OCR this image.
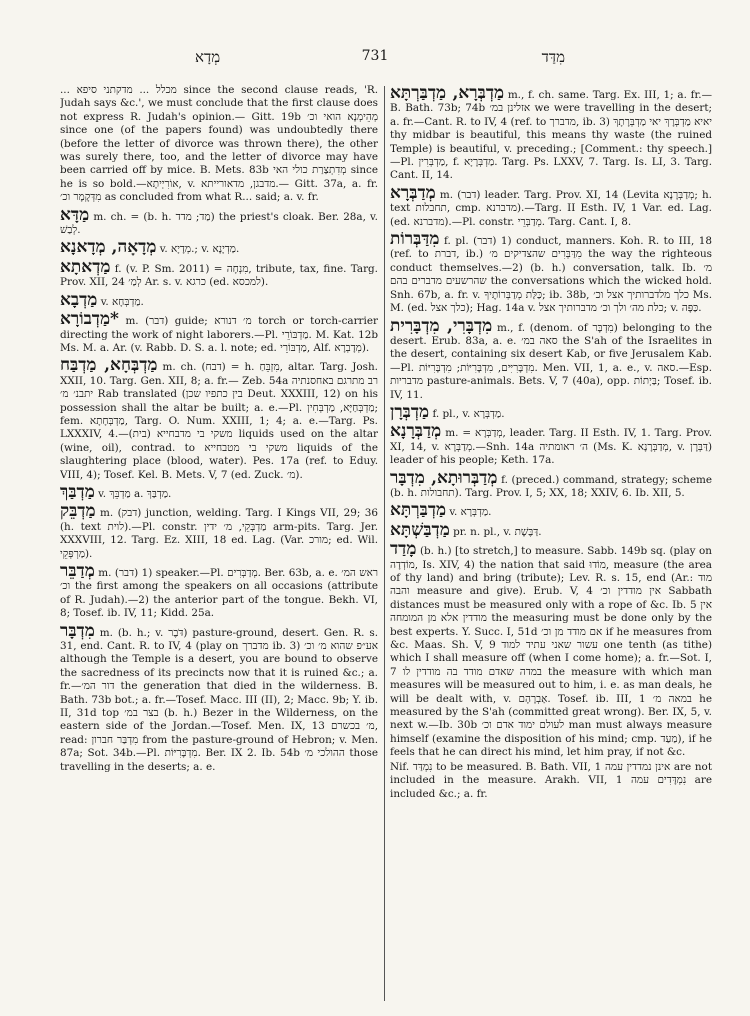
מְדָא	731	מִדַּד

... מכלל ... מדקתני סיפא since the second clause reads, 'R. Judah says &c.', we must conclude that the first clause does not express R. Judah's opinion.— Gitt. 19b מְהֵימְנָא הואי וכ׳ since one (of the papers found) was undoubtedly there (before the letter of divorce was thrown there), the other was surely there, too, and the letter of divorce may have been carried off by mice. B. Mets. 83b מְדִתְצַרַת כולי האי since he is so bold.—אוֹרִיְיתָא, v. מדבגן, מדאורייתא.— Gitt. 37a, a. fr. מִדְּקָמָר וכ׳ as concluded from what R... said; a. v. fr.

מַדָּא m. ch. = (b. h. מַד; מדד) the priest's cloak. Ber. 28a, v. לְבַשׁ.

מְדָאָה, מְדָאנָא v. מְדָיָא.; v. מַדְיָנָא.

מַדְאתָא f. (v. P. Sm. 2011) = מִנְחָה, tribute, tax, fine. Targ. Prov. XII, 24 לְמַ׳ Ar. s. v. כרגא (ed. למכסא).

מַדְבָא v. מַדְבְּחָא.

*מַדְבוֹרָא m. (דבר) guide; מ׳ דנורא torch or torch-carrier directing the work of night laborers.—Pl. מַדְבּוֹרֵי. M. Kat. 12b Ms. M. a. Ar. (v. Rabb. D. S. a. l. note; ed. מַדְבּוֹרֵי, Alf. מְדָבְרָא).

מַדְבְּחָא, מַדְבַּח m. ch. (דבח) = h. מִזְבֵּחַ, altar. Targ. Josh. XXII, 10. Targ. Gen. XII, 8; a. fr.— Zeb. 54a רב מתרגם באחסנתיה יתבנ׳ מ׳ Rab translated (בין כתפיו שכן Deut. XXXIII, 12) on his possession shall the altar be built; a. e.—Pl. מַדְבְּחַיָּא, מַדְבְּחִין; fem. מַדְבְּחָתָא, Targ. O. Num. XXIII, 1; 4; a. e.—Targ. Ps. LXXXIV, 4.—משקי בי מדבחייא (בית) liquids used on the altar (wine, oil), contrad. to משקי בי מטבחייא liquids of the slaughtering place (blood, water). Pes. 17a (ref. to Eduy. VIII, 4); Tosef. Kel. B. Mets. V, 7 (ed. Zuck. מ׳).

מַדְבַּךְ v. מַדְבֵּךְ a. מַדְבַּךְ.

מַדְבֵּק m. (דבק) junction, welding. Targ. I Kings VII, 29; 36 (h. text לוית).—Pl. constr. מַדְבְּקֵי, מ׳ ידין arm-pits. Targ. Jer. XXXVIII, 12. Targ. Ez. XIII, 18 ed. Lag. (Var. מורכ; ed. Wil. מַרְפְּקֵי).

מְדַבֵּר m. (דבר) 1) speaker.—Pl. מְדַבְּרִים. Ber. 63b, a. e. ראש המ׳ וכ׳ the first among the speakers on all occasions (attribute of R. Judah).—2) the anterior part of the tongue. Bekh. VI, 8; Tosef. ib. IV, 11; Kidd. 25a.

מִדְבָּר m. (b. h.; v. דֹּבֶר) pasture-ground, desert. Gen. R. s. 31, end. Cant. R. to IV, 4 (play on מדברך ib. 3) אע״פ שהוא מ׳ וכ׳ although the Temple is a desert, you are bound to observe the sacredness of its precincts now that it is ruined &c.; a. fr.—דור המ׳ the generation that died in the wilderness. B. Bath. 73b bot.; a. fr.—Tosef. Macc. III (II), 2; Macc. 9b; Y. ib. II, 31d top בצר במ׳ (b. h.) Bezer in the Wilderness, on the eastern side of the Jordan.—Tosef. Men. IX, 13 מ׳ בכשרם, read: מִדְבַּר חברון from the pasture-ground of Hebron; v. Men. 87a; Sot. 34b.—Pl. מִדְבָּרִיּוֹת. Ber. IX 2. Ib. 54b ההולכי מ׳ those travelling in the deserts; a. e.

מַדְבְּרָא, מַדְבַּרְתָּא m., f. ch. same. Targ. Ex. III, 1; a. fr.—B. Bath. 73b; 74b אזלינן במ׳ we were travelling in the desert; a. fr.—Cant. R. to IV, 4 (ref. to מדברך, ib. 3) יאיא מַדְבְּרָךְ יאי מַדְבְּרָתָךְ thy midbar is beautiful, this means thy waste (the ruined Temple) is beautiful, v. preceding.; [Comment.: thy speech.]—Pl. מַדְבְּרִין, f. מַדְבְּרָיָא. Targ. Ps. LXXV, 7. Targ. Is. LI, 3. Targ. Cant. II, 14.

מְדַבְּרָא m. (דבר) leader. Targ. Prov. XI, 14 (Levita מְדַבְּרָנָא; h. text תחבלות, cmp. מדברנא).—Targ. II Esth. IV, 1 Var. ed. Lag. (ed. מדברנא).—Pl. constr. מְדַבְּרֵי. Targ. Cant. I, 8.

מִדַּבְּרוֹת f. pl. (דבר) 1) conduct, manners. Koh. R. to III, 18 (ref. to דברת, ib.) מִדַּבְּרִים שהצדיקים מ׳ the way the righteous conduct themselves.—2) (b. h.) conversation, talk. Ib. מ׳ שהרשעים מדברים בהם the conversations which the wicked hold. Snh. 67b, a. fr. v. כַּלַּת מְדַבְּרוֹתֶיךָ; ib. 38b, כלך מלדברותיך אצל וכ׳ Ms. M. (ed. כלך אצל); Hag. 14a v. כלת מה׳ ולך וכ׳ מדברותיך אצל; v. כַּפָּה.

מִדְבָּרִי, מִדְבָּרִית m., f. (denom. of מִדְבָּר) belonging to the desert. Erub. 83a, a. e. סאה במ׳ the S'ah of the Israelites in the desert, containing six desert Kab, or five Jerusalem Kab.—Pl. מִדְבָּרִיִּים, מִדְבָּרִיּוֹת; מִדְבָּרִיּוֹת. Men. VII, 1, a. e., v. סאה.—Esp. מדבריות pasture-animals. Bets. V, 7 (40a), opp. בַּיְתוֹת; Tosef. ib. IV, 11.

מַדְבְּרָן f. pl., v. מַדְבְּרָא.

מְדַבְּרָנָא m. = מְדַבְּרָא, leader. Targ. II Esth. IV, 1. Targ. Prov. XI, 14, v. מְדַבְּרָא.—Snh. 14a ה׳ ראומתיה (Ms. K. מְדַבְּרָנָא, v. דַּבְּרָן) leader of his people; Keth. 17a.

מְדַבְּרוּתָא, מִדְבָּר f. (preced.) command, strategy; scheme (b. h. תחבולות). Targ. Prov. I, 5; XX, 18; XXIV, 6. Ib. XII, 5.

מַדְבַּרְתָּא v. מַדְבְּרָא.

מַדְבַּשְׁתָּא pr. n. pl., v. דַּבֶּשֶׁת.

מָדַד (b. h.) [to stretch,] to measure. Sabb. 149b sq. (play on מוֹדְדָה, Is. XIV, 4) the nation that said מוֹדוּ, measure (the area of thy land) and bring (tribute); Lev. R. s. 15, end (Ar.: מוד והבה measure and give). Erub. V, 4 אין מודדין וכ׳ Sabbath distances must be measured only with a rope of &c. Ib. 5 אין מודדין אלא מן המומחה the measuring must be done only by the best experts. Y. Succ. I, 51d אם מודד מן וכ׳ if he measures from &c. Maas. Sh. V, 9 עשור שאני עתיד למוד one tenth (as tithe) which I shall measure off (when I come home); a. fr.—Sot. I, 7 במדה שאדם מודד בה מודדין לו the measure with which man measures will be measured out to him, i. e. as man deals, he will be dealt with, v. אַבְרָהָם. Tosef. ib. III, 1 במאה מ׳ he measured by the S'ah (committed great wrong). Ber. IX, 5, v. next w.—Ib. 30b לעולם ימוד אדם וכ׳ man must always measure himself (examine the disposition of his mind; cmp. מַעַד), if he feels that he can direct his mind, let him pray, if not &c.

Nif. נִמְדַּד to be measured. B. Bath. VII, 1 אינן נמדדין עמה are not included in the measure. Arakh. VII, 1 נִמְדָּדִים עמה are included &c.; a. fr.
